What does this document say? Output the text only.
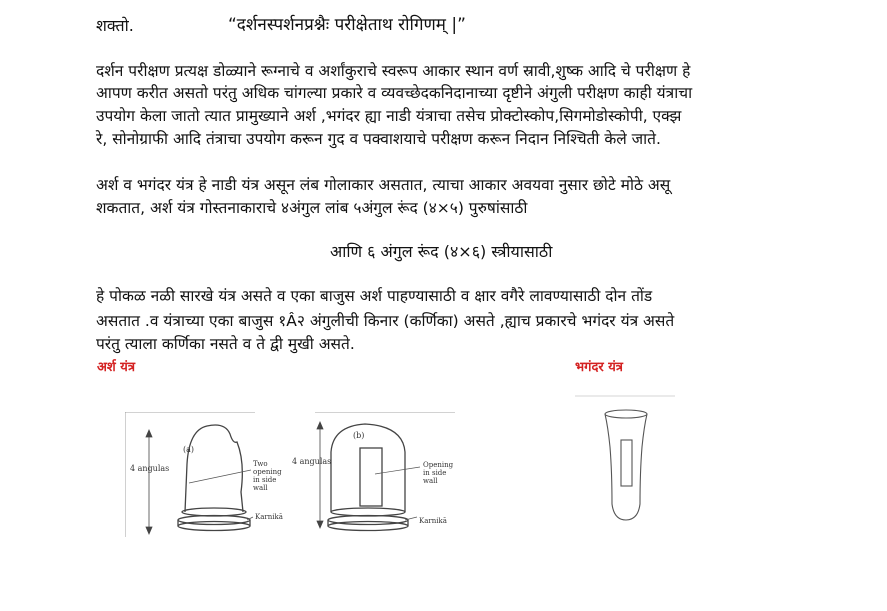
शक्तो.	“दर्शनस्पर्शनप्रश्नैः परीक्षेताथ रोगिणम् |”
दर्शन परीक्षण प्रत्यक्ष डोळ्याने रूग्नाचे व अर्शांकुराचे स्वरूप आकार स्थान वर्ण स्रावी,शुष्क आदि चे परीक्षण हे
आपण करीत असतो परंतु अधिक चांगल्या प्रकारे व व्यवच्छेदकनिदानाच्या दृष्टीने अंगुली परीक्षण काही यंत्राचा
उपयोग केला जातो त्यात प्रामुख्याने अर्श ,भगंदर ह्या नाडी यंत्राचा तसेच प्रोक्टोस्कोप,सिगमोडोस्कोपी, एक्झ
रे, सोनोग्राफी आदि तंत्राचा उपयोग करून गुद व पक्वाशयाचे परीक्षण करून निदान निश्चिती केले जाते.
अर्श व भगंदर यंत्र हे नाडी यंत्र असून लंब गोलाकार असतात, त्याचा आकार अवयवा नुसार छोटे मोठे असू
शकतात, अर्श यंत्र गोस्तनाकाराचे ४अंगुल लांब ५अंगुल रूंद (४×५) पुरुषांसाठी
आणि ६ अंगुल रूंद (४×६) स्त्रीयासाठी
हे पोकळ नळी सारखे यंत्र असते व एका बाजुस अर्श पाहण्यासाठी व क्षार वगैरे लावण्यासाठी दोन तोंड
असतात .व यंत्राच्या एका बाजुस १Â२ अंगुलीची किनार (कर्णिका) असते ,ह्याच प्रकारचे भगंदर यंत्र असते
परंतु त्याला कर्णिका नसते व ते द्वी मुखी असते.
अर्श यंत्र	भगंदर यंत्र
(a)
4 angulas	Two
opening
in side
wall
Karnikā
(b)
4 angulas	Opening
in side
wall
Karnikā
